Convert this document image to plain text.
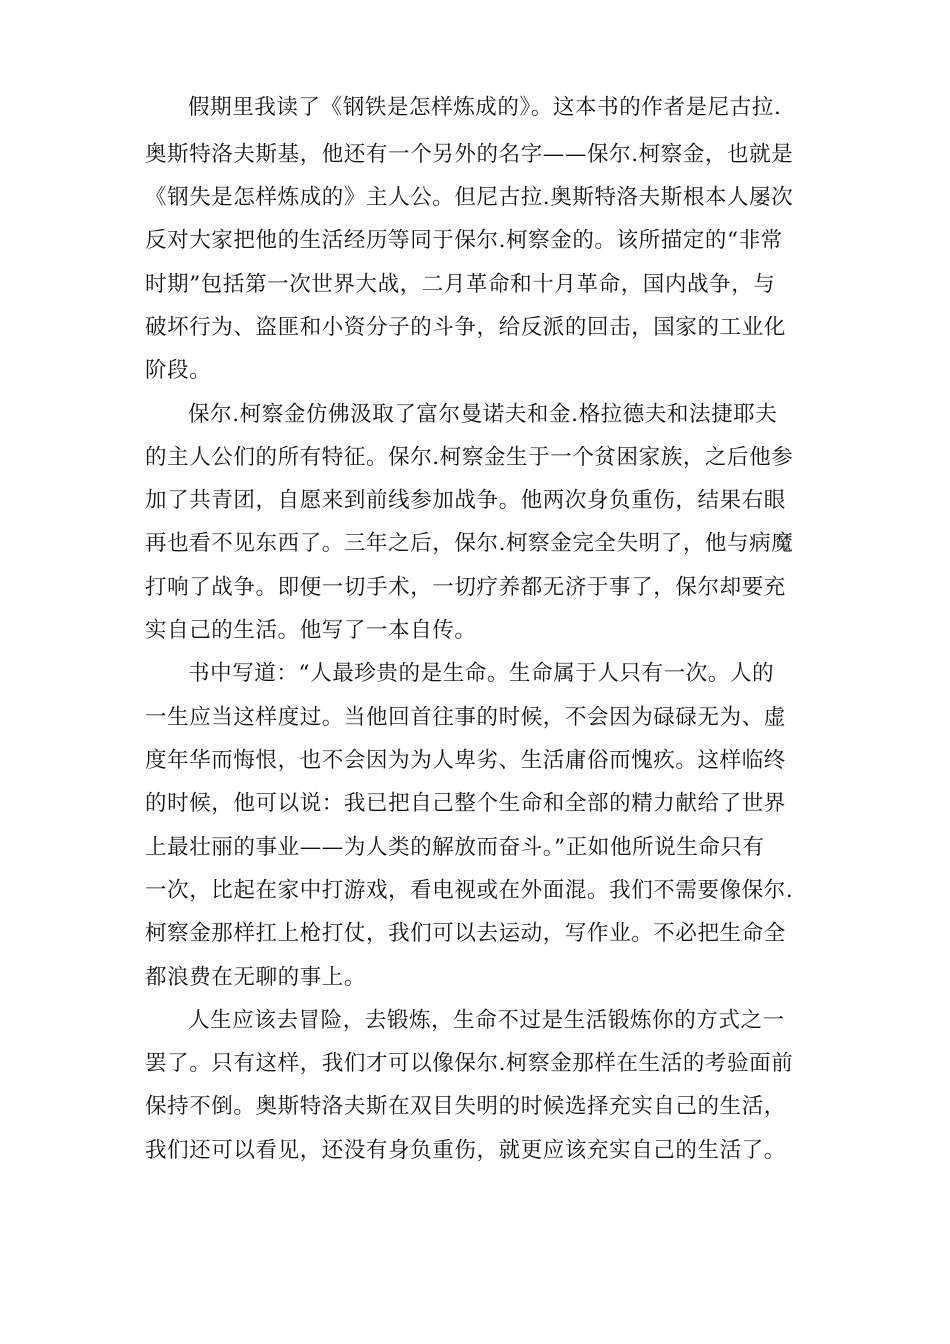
假期里我读了《钢铁是怎样炼成的》。这本书的作者是尼古拉.
奥斯特洛夫斯基，他还有一个另外的名字——保尔.柯察金，也就是
《钢失是怎样炼成的》主人公。但尼古拉.奥斯特洛夫斯根本人屡次
反对大家把他的生活经历等同于保尔.柯察金的。该所描定的“非常
时期”包括第一次世界大战，二月革命和十月革命，国内战争，与
破坏行为、盗匪和小资分子的斗争，给反派的回击，国家的工业化
阶段。
保尔.柯察金仿佛汲取了富尔曼诺夫和金.格拉德夫和法捷耶夫
的主人公们的所有特征。保尔.柯察金生于一个贫困家族，之后他参
加了共青团，自愿来到前线参加战争。他两次身负重伤，结果右眼
再也看不见东西了。三年之后，保尔.柯察金完全失明了，他与病魔
打响了战争。即便一切手术，一切疗养都无济于事了，保尔却要充
实自己的生活。他写了一本自传。
书中写道：“人最珍贵的是生命。生命属于人只有一次。人的
一生应当这样度过。当他回首往事的时候，不会因为碌碌无为、虚
度年华而悔恨，也不会因为为人卑劣、生活庸俗而愧疚。这样临终
的时候，他可以说：我已把自己整个生命和全部的精力献给了世界
上最壮丽的事业——为人类的解放而奋斗。”正如他所说生命只有
一次，比起在家中打游戏，看电视或在外面混。我们不需要像保尔.
柯察金那样扛上枪打仗，我们可以去运动，写作业。不必把生命全
都浪费在无聊的事上。
人生应该去冒险，去锻炼，生命不过是生活锻炼你的方式之一
罢了。只有这样，我们才可以像保尔.柯察金那样在生活的考验面前
保持不倒。奥斯特洛夫斯在双目失明的时候选择充实自己的生活，
我们还可以看见，还没有身负重伤，就更应该充实自己的生活了。
